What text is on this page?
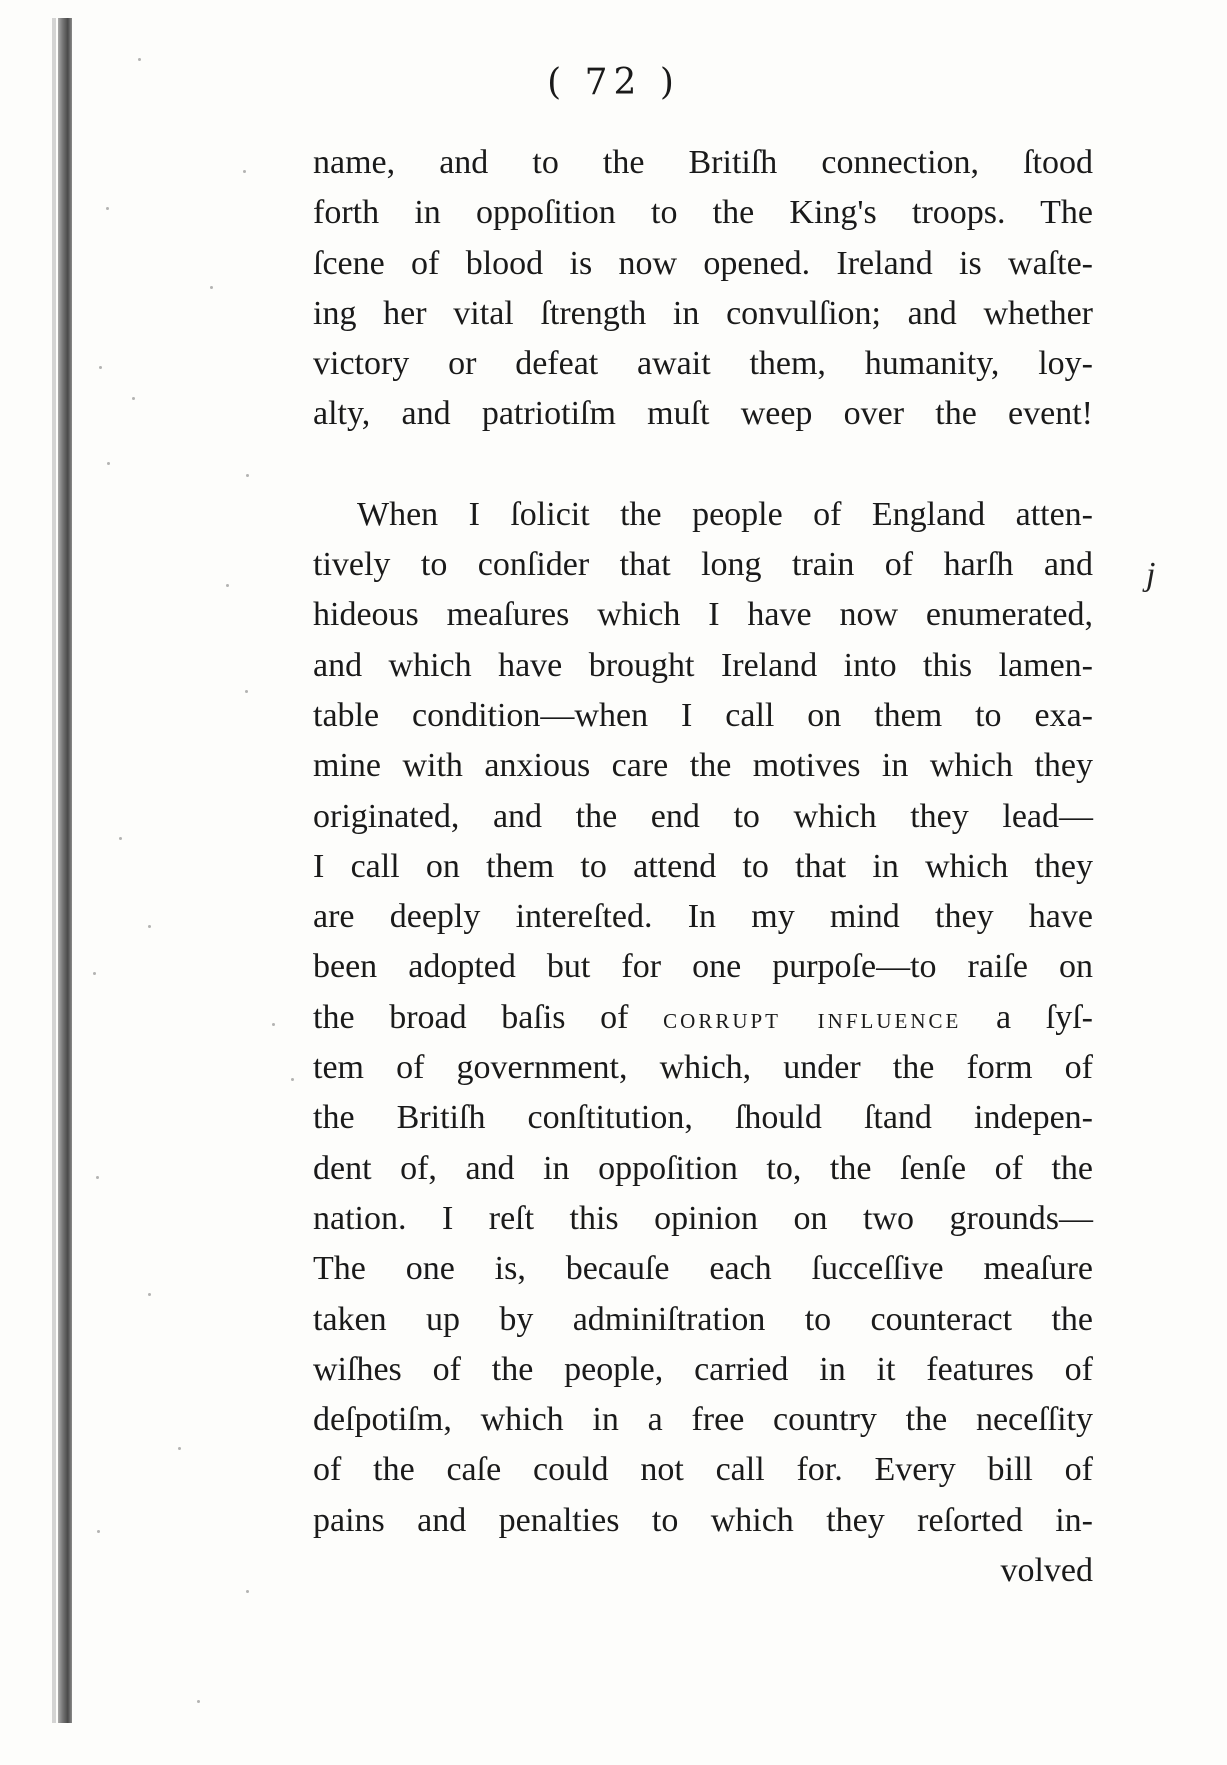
( 72 )
name, and to the Britiſh connection, ſtood
forth in oppoſition to the King's troops. The
ſcene of blood is now opened. Ireland is waſte-
ing her vital ſtrength in convulſion; and whether
victory or defeat await them, humanity, loy-
alty, and patriotiſm muſt weep over the event!
When I ſolicit the people of England atten-
tively to conſider that long train of harſh and
hideous meaſures which I have now enumerated,
and which have brought Ireland into this lamen-
table condition—when I call on them to exa-
mine with anxious care the motives in which they
originated, and the end to which they lead—
I call on them to attend to that in which they
are deeply intereſted. In my mind they have
been adopted but for one purpoſe—to raiſe on
the broad baſis of corrupt influence a ſyſ-
tem of government, which, under the form of
the Britiſh conſtitution, ſhould ſtand indepen-
dent of, and in oppoſition to, the ſenſe of the
nation. I reſt this opinion on two grounds—
The one is, becauſe each ſucceſſive meaſure
taken up by adminiſtration to counteract the
wiſhes of the people, carried in it features of
deſpotiſm, which in a free country the neceſſity
of the caſe could not call for. Every bill of
pains and penalties to which they reſorted in-
volved
j
